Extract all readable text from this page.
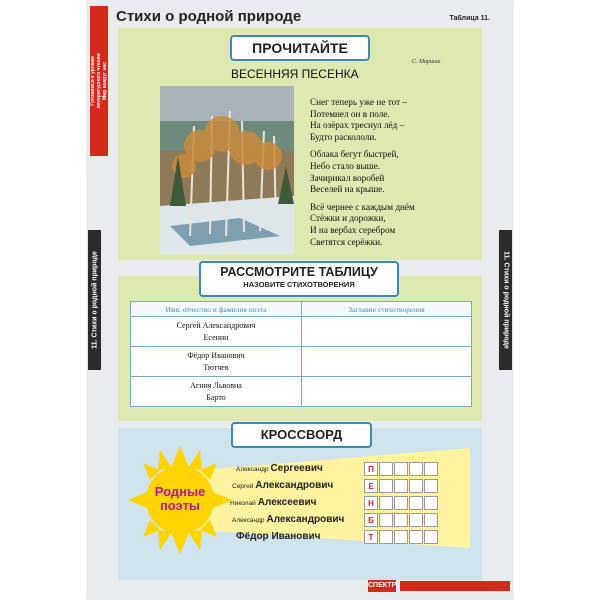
Готовимся к урокам
литературного чтения
Мир вокруг нас
11. Стихи о родной природе	11. Стихи о родной природе
Стихи о родной природе	Таблица 11.
ПРОЧИТАЙТЕ
ВЕСЕННЯЯ ПЕСЕНКА
С. Маршак

Снег теперь уже не тот –
Потемнел он в поле.
На озёрах треснул лёд –
Будто раскололи.

Облака бегут быстрей,
Небо стало выше.
Зачирикал воробей
Веселей на крыше.

Всё чернее с каждым днём
Стёжки и дорожки,
И на вербах серебром
Светятся серёжки.

РАССМОТРИТЕ ТАБЛИЦУ
НАЗОВИТЕ СТИХОТВОРЕНИЯ
Имя, отчество и фамилия поэта	Заглавие стихотворения
Сергей Александрович
Есенин	
Фёдор Иванович
Тютчев	
Агния Львовна
Барто	
КРОССВОРД
Родные
поэты
Александр Сергеевич	П
Сергей Александрович	Е
Николай Алексеевич	Н
Александр Александрович	Б
Фёдор Иванович	Т
СПЕКТР
